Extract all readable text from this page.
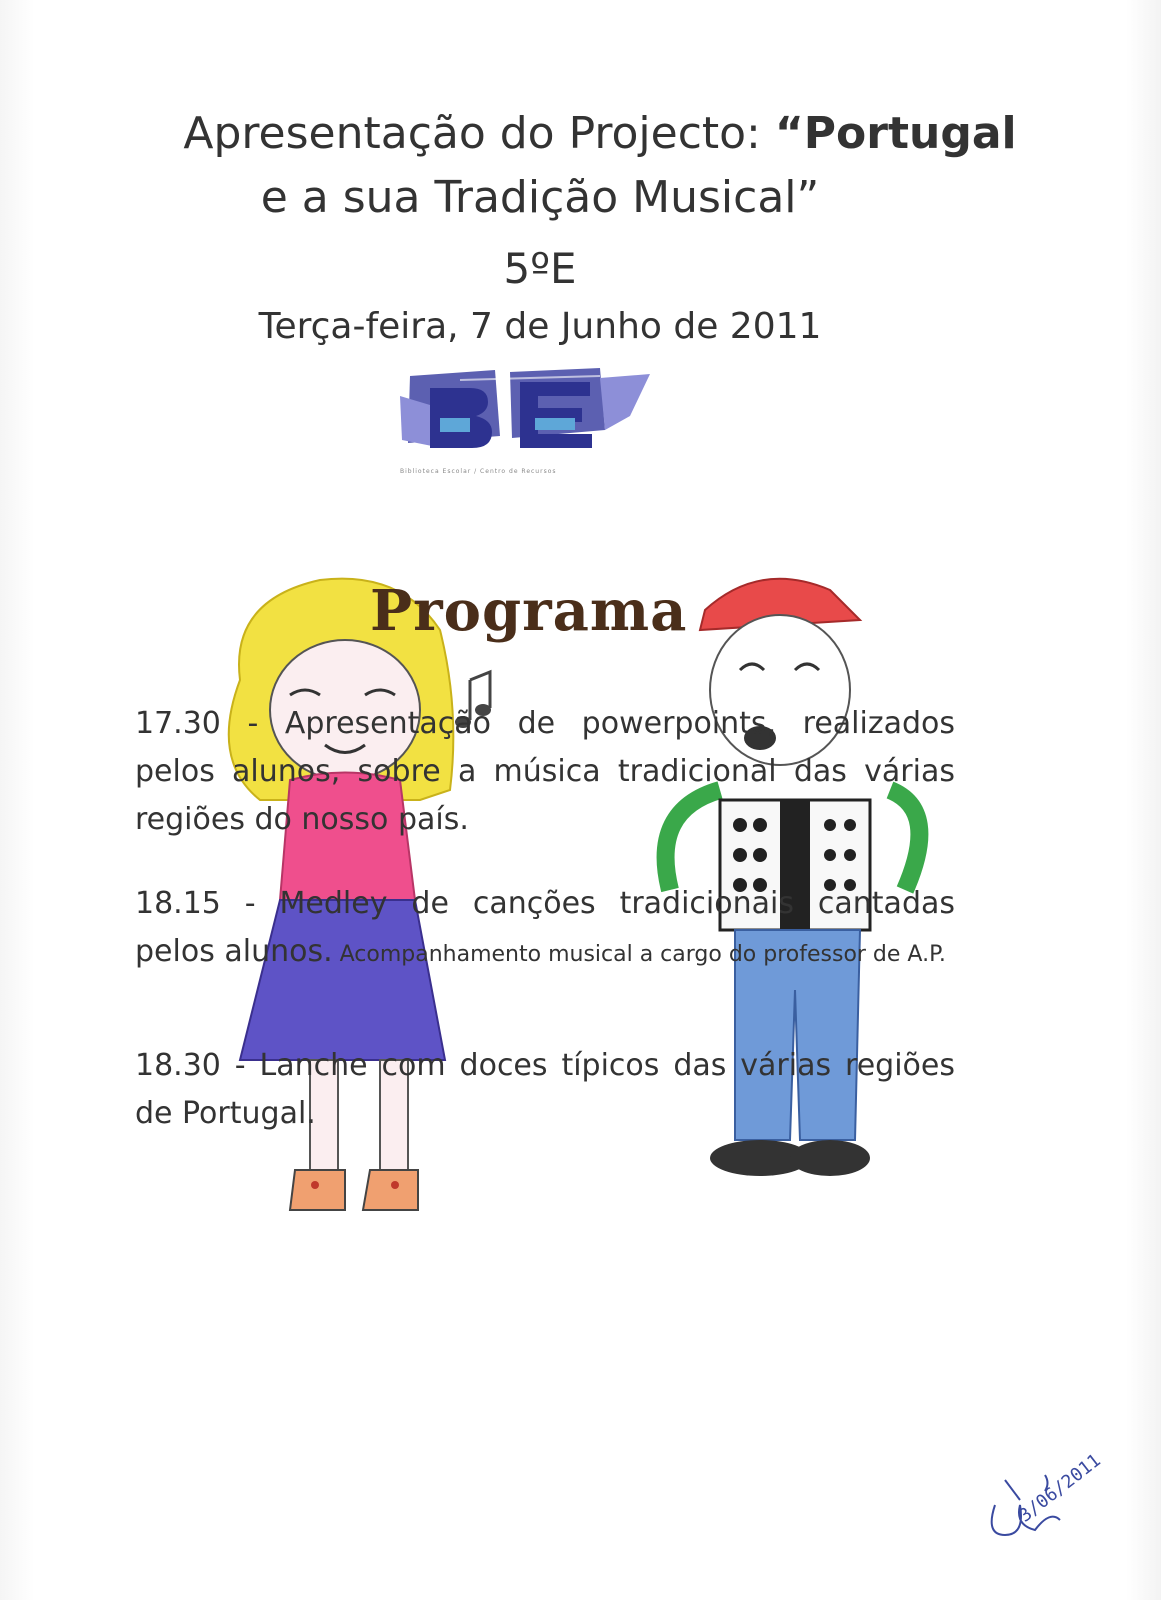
Apresentação do Projecto: “Portugal
e a sua Tradição Musical”
5ºE
Terça-feira, 7 de Junho de 2011
Biblioteca Escolar / Centro de Recursos
Programa
17.30 - Apresentação de powerpoints, realizados pelos alunos, sobre a música tradicional das várias regiões do nosso país.
18.15 - Medley de canções tradicionais cantadas pelos alunos. Acompanhamento musical a cargo do professor de A.P.
18.30 - Lanche com doces típicos das várias regiões de Portugal.
3/06/2011
